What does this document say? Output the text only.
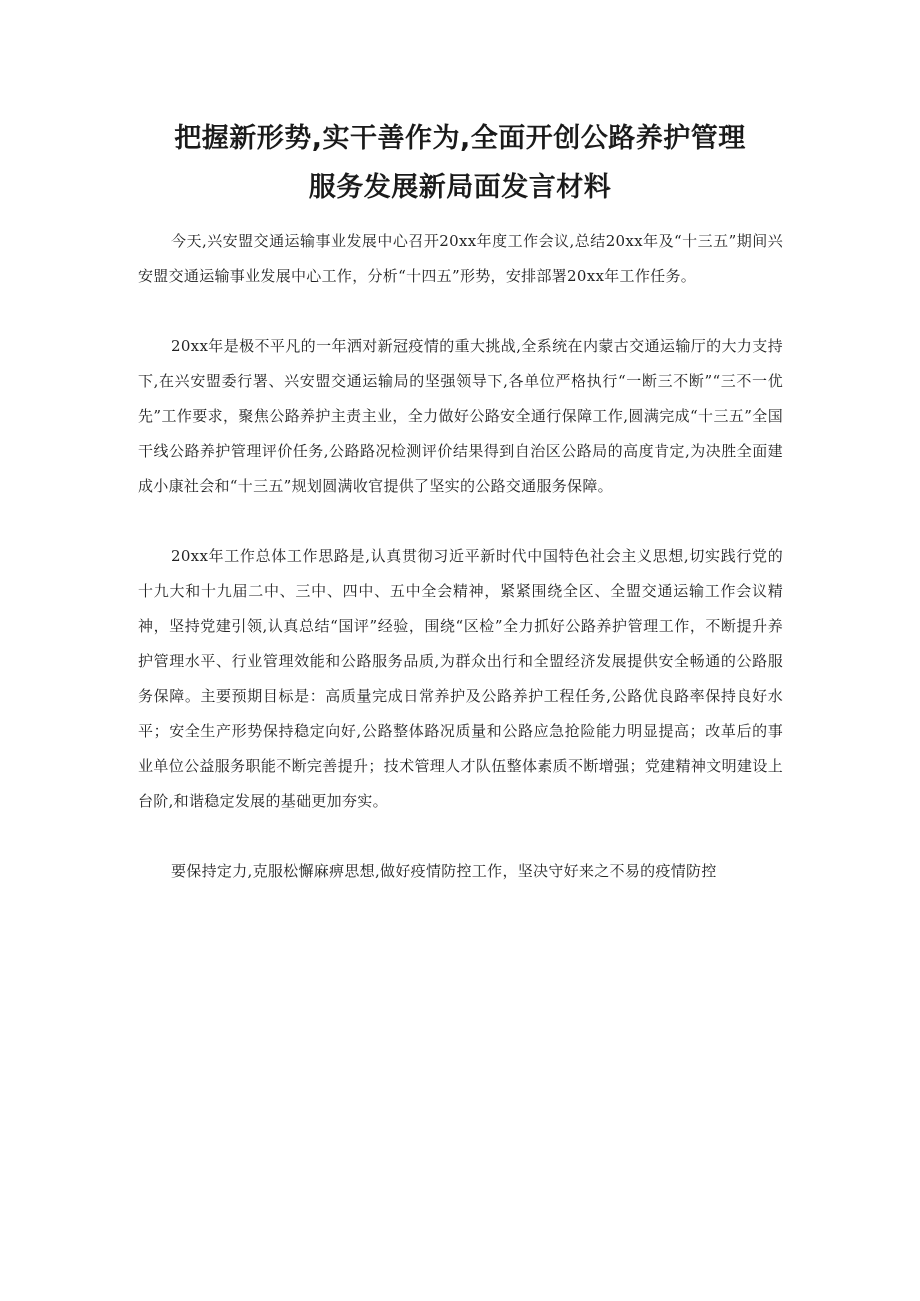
把握新形势,实干善作为,全面开创公路养护管理
服务发展新局面发言材料

今天,兴安盟交通运输事业发展中心召开20xx年度工作会议,总结20xx年及“十三五”期间兴安盟交通运输事业发展中心工作，分析“十四五”形势，安排部署20xx年工作任务。

20xx年是极不平凡的一年洒对新冠疫情的重大挑战,全系统在内蒙古交通运输厅的大力支持下,在兴安盟委行署、兴安盟交通运输局的坚强领导下,各单位严格执行“一断三不断”“三不一优先”工作要求，聚焦公路养护主责主业，全力做好公路安全通行保障工作,圆满完成“十三五”全国干线公路养护管理评价任务,公路路况检测评价结果得到自治区公路局的高度肯定,为决胜全面建成小康社会和“十三五”规划圆满收官提供了坚实的公路交通服务保障。

20xx年工作总体工作思路是,认真贯彻习近平新时代中国特色社会主义思想,切实践行党的十九大和十九届二中、三中、四中、五中全会精神，紧紧围绕全区、全盟交通运输工作会议精神，坚持党建引领,认真总结“国评”经验，围绕“区检”全力抓好公路养护管理工作，不断提升养护管理水平、行业管理效能和公路服务品质,为群众出行和全盟经济发展提供安全畅通的公路服务保障。主要预期目标是：高质量完成日常养护及公路养护工程任务,公路优良路率保持良好水平；安全生产形势保持稳定向好,公路整体路况质量和公路应急抢险能力明显提高；改革后的事业单位公益服务职能不断完善提升；技术管理人才队伍整体素质不断增强；党建精神文明建设上台阶,和谐稳定发展的基础更加夯实。

要保持定力,克服松懈麻痹思想,做好疫情防控工作，坚决守好来之不易的疫情防控
